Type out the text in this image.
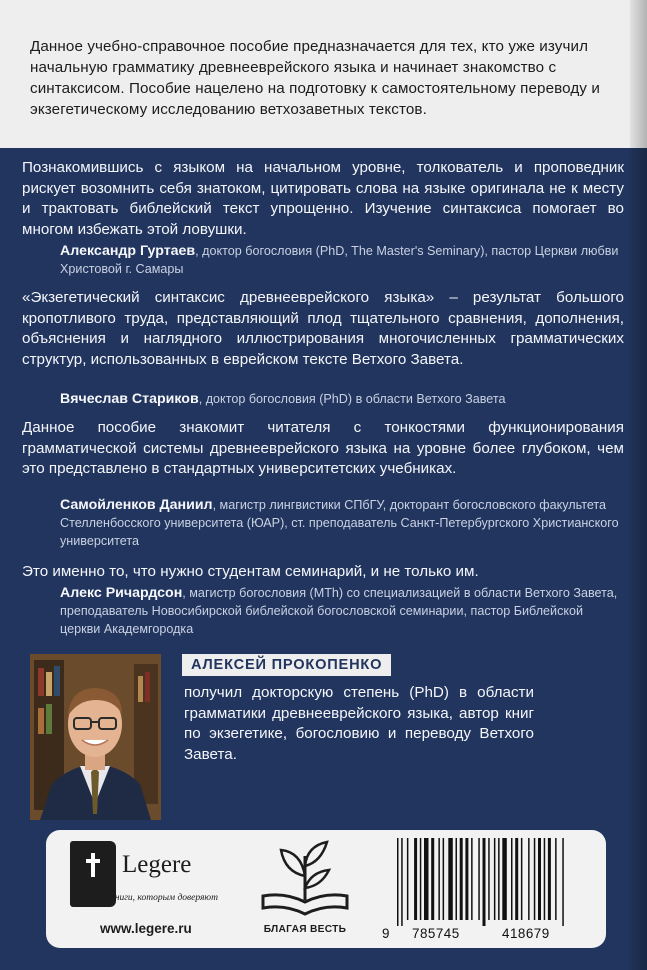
Данное учебно-справочное пособие предназначается для тех, кто уже изучил начальную грамматику древнееврейского языка и начинает знакомство с синтаксисом. Пособие нацелено на подготовку к самостоятельному переводу и экзегетическому исследованию ветхозаветных текстов.

Познакомившись с языком на начальном уровне, толкователь и проповедник рискует возомнить себя знатоком, цитировать слова на языке оригинала не к месту и трактовать библейский текст упрощенно. Изучение синтаксиса помогает во многом избежать этой ловушки.

Александр Гуртаев, доктор богословия (PhD, The Master's Seminary), пастор Церкви любви Христовой г. Самары

«Экзегетический синтаксис древнееврейского языка» – результат большого кропотливого труда, представляющий плод тщательного сравнения, дополнения, объяснения и наглядного иллюстрирования многочисленных грамматических структур, использованных в еврейском тексте Ветхого Завета.

Вячеслав Стариков, доктор богословия (PhD) в области Ветхого Завета

Данное пособие знакомит читателя с тонкостями функционирования грамматической системы древнееврейского языка на уровне более глубоком, чем это представлено в стандартных университетских учебниках.

Самойленков Даниил, магистр лингвистики СПбГУ, докторант богословского факультета Стелленбосского университета (ЮАР), ст. преподаватель Санкт-Петербургского Христианского университета

Это именно то, что нужно студентам семинарий, и не только им.

Алекс Ричардсон, магистр богословия (MTh) со специализацией в области Ветхого Завета, преподаватель Новосибирской библейской богословской семинарии, пастор Библейской церкви Академгородка

АЛЕКСЕЙ ПРОКОПЕНКО

получил докторскую степень (PhD) в области грамматики древнееврейского языка, автор книг по экзегетике, богословию и переводу Ветхого Завета.

Legere
книги, которым доверяют
www.legere.ru	БЛАГАЯ ВЕСТЬ	9 785745	418679
